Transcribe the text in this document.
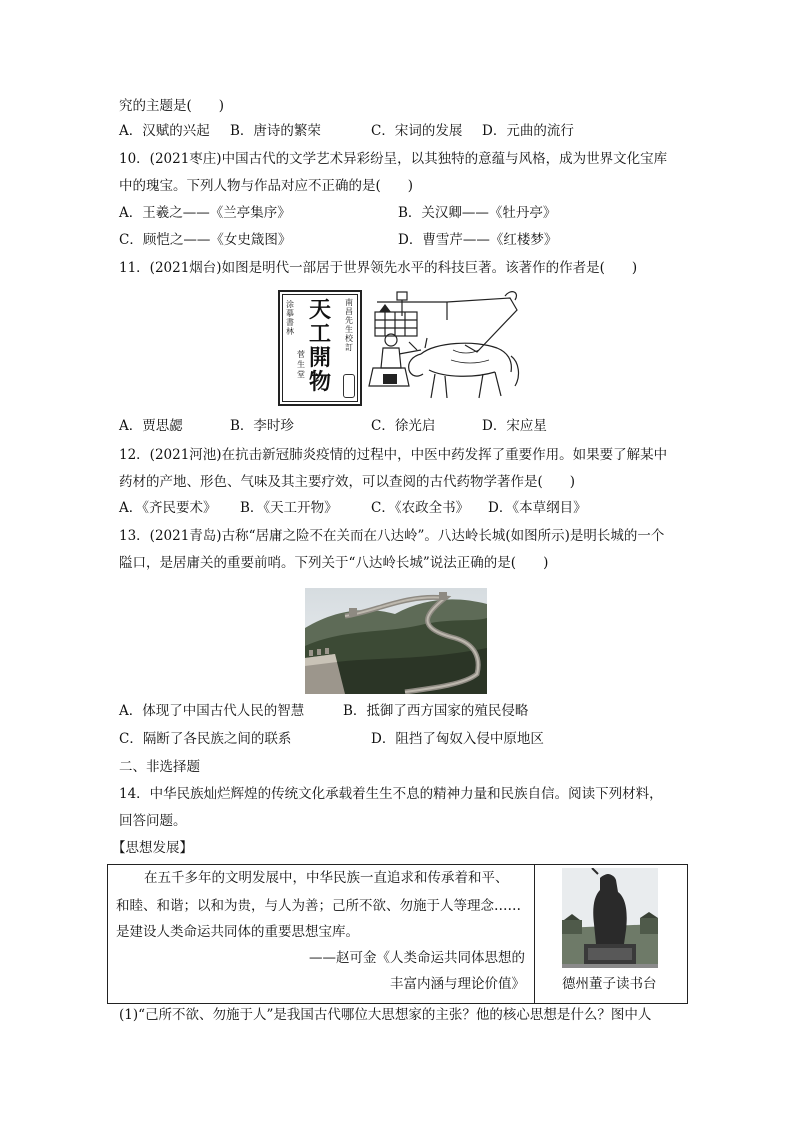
究的主题是(　　)
A．汉赋的兴起 B．唐诗的繁荣	C．宋词的发展 D．元曲的流行
10．(2021枣庄)中国古代的文学艺术异彩纷呈，以其独特的意蕴与风格，成为世界文化宝库
中的瑰宝。下列人物与作品对应不正确的是(　　)
A．王羲之——《兰亭集序》	B．关汉卿——《牡丹亭》
C．顾恺之——《女史箴图》	D．曹雪芹——《红楼梦》
11．(2021烟台)如图是明代一部居于世界领先水平的科技巨著。该著作的作者是(　　)
涂摹書林
菅生堂
天
工
開
物
南昌先生校訂
A．贾思勰	B．李时珍	C．徐光启	D．宋应星
12．(2021河池)在抗击新冠肺炎疫情的过程中，中医中药发挥了重要作用。如果要了解某中
药材的产地、形色、气味及其主要疗效，可以查阅的古代药物学著作是(　　)
A．《齐民要术》 B．《天工开物》 C．《农政全书》 D．《本草纲目》
13．(2021青岛)古称“居庸之险不在关而在八达岭”。八达岭长城(如图所示)是明长城的一个
隘口，是居庸关的重要前哨。下列关于“八达岭长城”说法正确的是(　　)
A．体现了中国古代人民的智慧	B．抵御了西方国家的殖民侵略
C．隔断了各民族之间的联系	D．阻挡了匈奴入侵中原地区
二、非选择题
14．中华民族灿烂辉煌的传统文化承载着生生不息的精神力量和民族自信。阅读下列材料，
回答问题。
【思想发展】
在五千多年的文明发展中，中华民族一直追求和传承着和平、
和睦、和谐；以和为贵，与人为善；己所不欲、勿施于人等理念……
是建设人类命运共同体的重要思想宝库。
——赵可金《人类命运共同体思想的
丰富内涵与理论价值》	德州董子读书台
(1)“己所不欲、勿施于人”是我国古代哪位大思想家的主张？他的核心思想是什么？图中人
